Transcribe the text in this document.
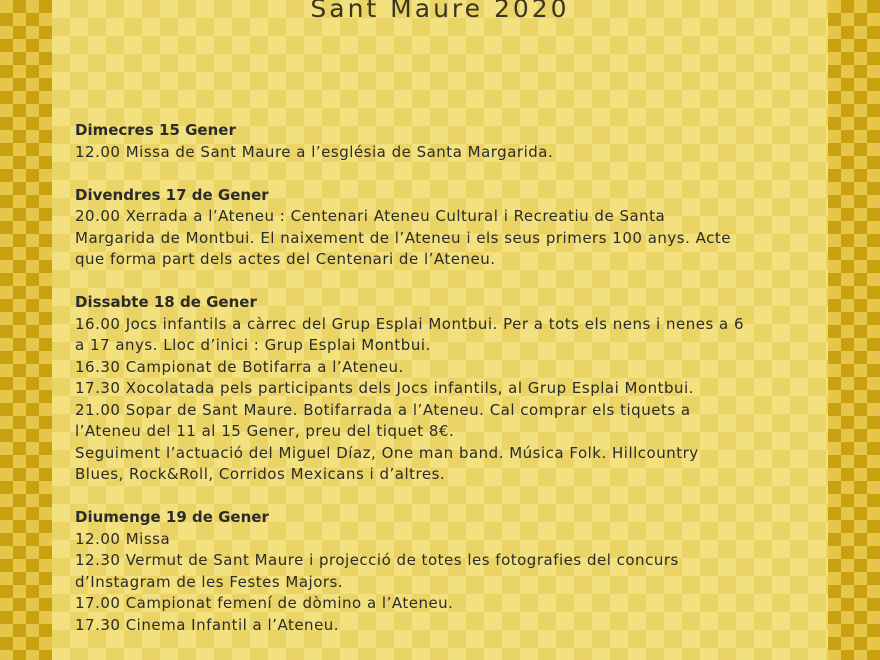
Sant Maure 2020
Dimecres 15 Gener
12.00 Missa de Sant Maure a l’església de Santa Margarida.
Divendres 17 de Gener
20.00 Xerrada a l’Ateneu : Centenari Ateneu Cultural i Recreatiu de Santa
Margarida de Montbui. El naixement de l’Ateneu i els seus primers 100 anys. Acte
que forma part dels actes del Centenari de l’Ateneu.
Dissabte 18 de Gener
16.00 Jocs infantils a càrrec del Grup Esplai Montbui. Per a tots els nens i nenes a 6
a 17 anys. Lloc d’inici : Grup Esplai Montbui.
16.30 Campionat de Botifarra a l’Ateneu.
17.30 Xocolatada pels participants dels Jocs infantils, al Grup Esplai Montbui.
21.00 Sopar de Sant Maure. Botifarrada a l’Ateneu. Cal comprar els tiquets a
l’Ateneu del 11 al 15 Gener, preu del tiquet 8€.
Seguiment l’actuació del Miguel Díaz, One man band. Música Folk. Hillcountry
Blues, Rock&Roll, Corridos Mexicans i d’altres.
Diumenge 19 de Gener
12.00 Missa
12.30 Vermut de Sant Maure i projecció de totes les fotografies del concurs
d’Instagram de les Festes Majors.
17.00 Campionat femení de dòmino a l’Ateneu.
17.30 Cinema Infantil a l’Ateneu.
